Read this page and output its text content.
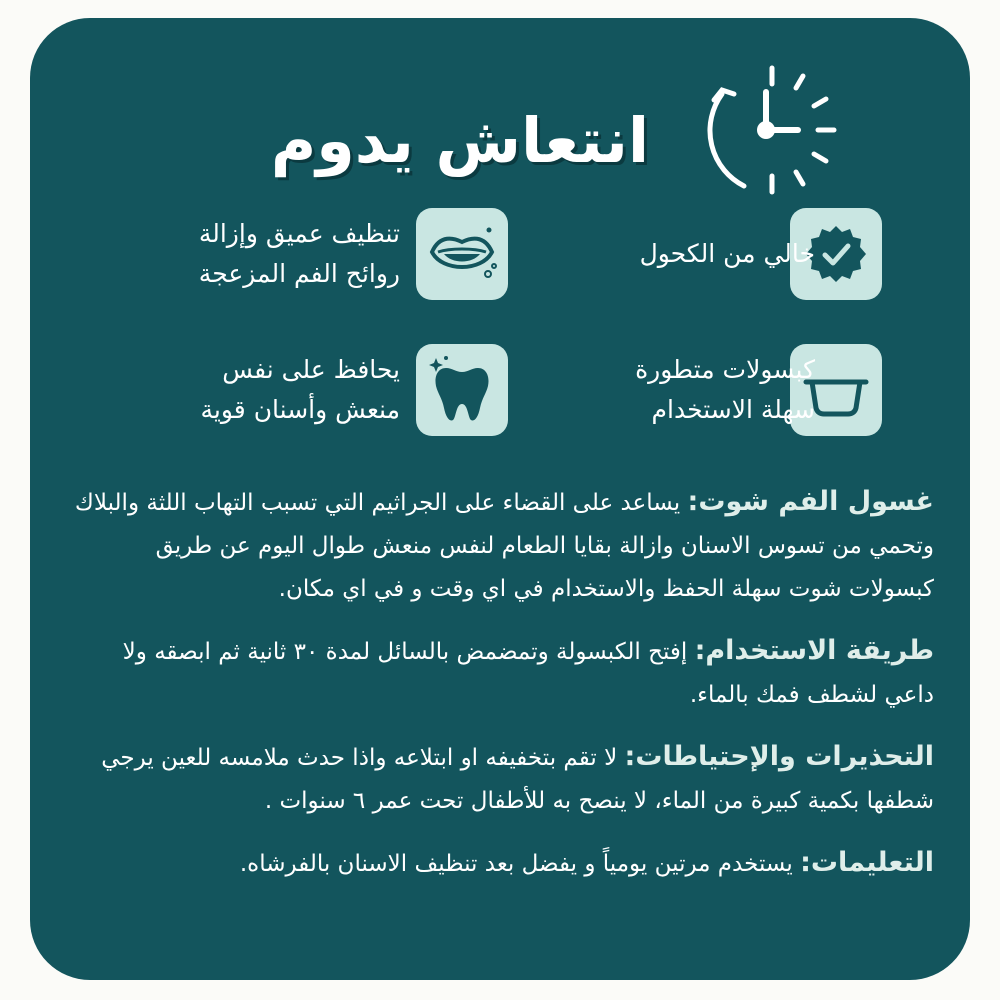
انتعاش يدوم
خالي من الكحول
تنظيف عميق وإزالة
روائح الفم المزعجة
كبسولات متطورة
سهلة الاستخدام
يحافظ على نفس
منعش وأسنان قوية

غسول الفم شوت: يساعد على القضاء على الجراثيم التي تسبب التهاب اللثة والبلاك وتحمي من تسوس الاسنان وازالة بقايا الطعام لنفس منعش طوال اليوم عن طريق كبسولات شوت سهلة الحفظ والاستخدام في اي وقت و في اي مكان.

طريقة الاستخدام: إفتح الكبسولة وتمضمض بالسائل لمدة ٣٠ ثانية ثم ابصقه ولا داعي لشطف فمك بالماء.

التحذيرات والإحتياطات: لا تقم بتخفيفه او ابتلاعه واذا حدث ملامسه للعين يرجي شطفها بكمية كبيرة من الماء، لا ينصح به للأطفال تحت عمر ٦ سنوات .

التعليمات: يستخدم مرتين يومياً و يفضل بعد تنظيف الاسنان بالفرشاه.
